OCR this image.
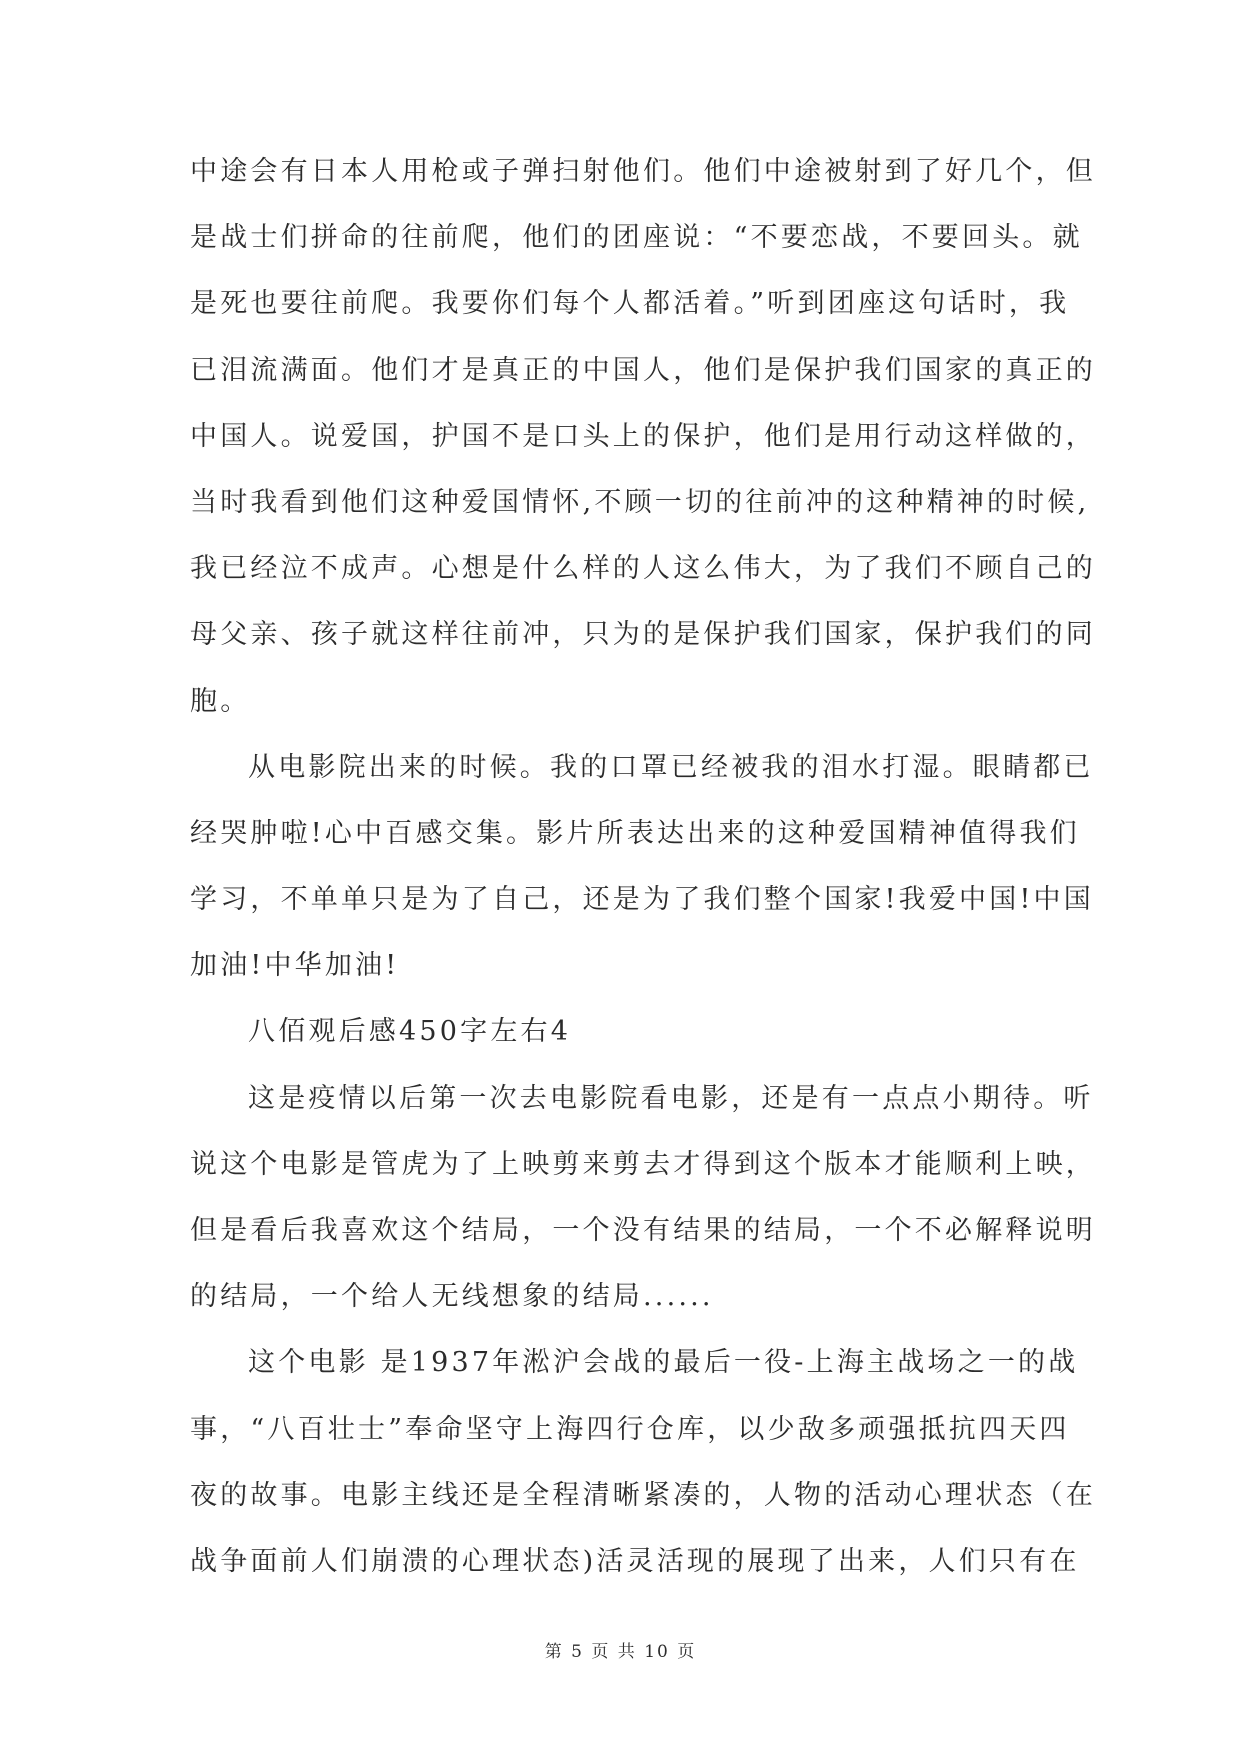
中途会有日本人用枪或子弹扫射他们。他们中途被射到了好几个，但
是战士们拼命的往前爬，他们的团座说：“不要恋战，不要回头。就
是死也要往前爬。我要你们每个人都活着。”听到团座这句话时，我
已泪流满面。他们才是真正的中国人，他们是保护我们国家的真正的
中国人。说爱国，护国不是口头上的保护，他们是用行动这样做的，
当时我看到他们这种爱国情怀,不顾一切的往前冲的这种精神的时候,
我已经泣不成声。心想是什么样的人这么伟大，为了我们不顾自己的
母父亲、孩子就这样往前冲，只为的是保护我们国家，保护我们的同
胞。
从电影院出来的时候。我的口罩已经被我的泪水打湿。眼睛都已
经哭肿啦!心中百感交集。影片所表达出来的这种爱国精神值得我们
学习，不单单只是为了自己，还是为了我们整个国家!我爱中国!中国
加油!中华加油!
八佰观后感450字左右4
这是疫情以后第一次去电影院看电影，还是有一点点小期待。听
说这个电影是管虎为了上映剪来剪去才得到这个版本才能顺利上映，
但是看后我喜欢这个结局，一个没有结果的结局，一个不必解释说明
的结局，一个给人无线想象的结局......
这个电影 是1937年淞沪会战的最后一役-上海主战场之一的战
事，“八百壮士”奉命坚守上海四行仓库，以少敌多顽强抵抗四天四
夜的故事。电影主线还是全程清晰紧凑的，人物的活动心理状态（在
战争面前人们崩溃的心理状态)活灵活现的展现了出来，人们只有在
第 5 页 共 10 页
